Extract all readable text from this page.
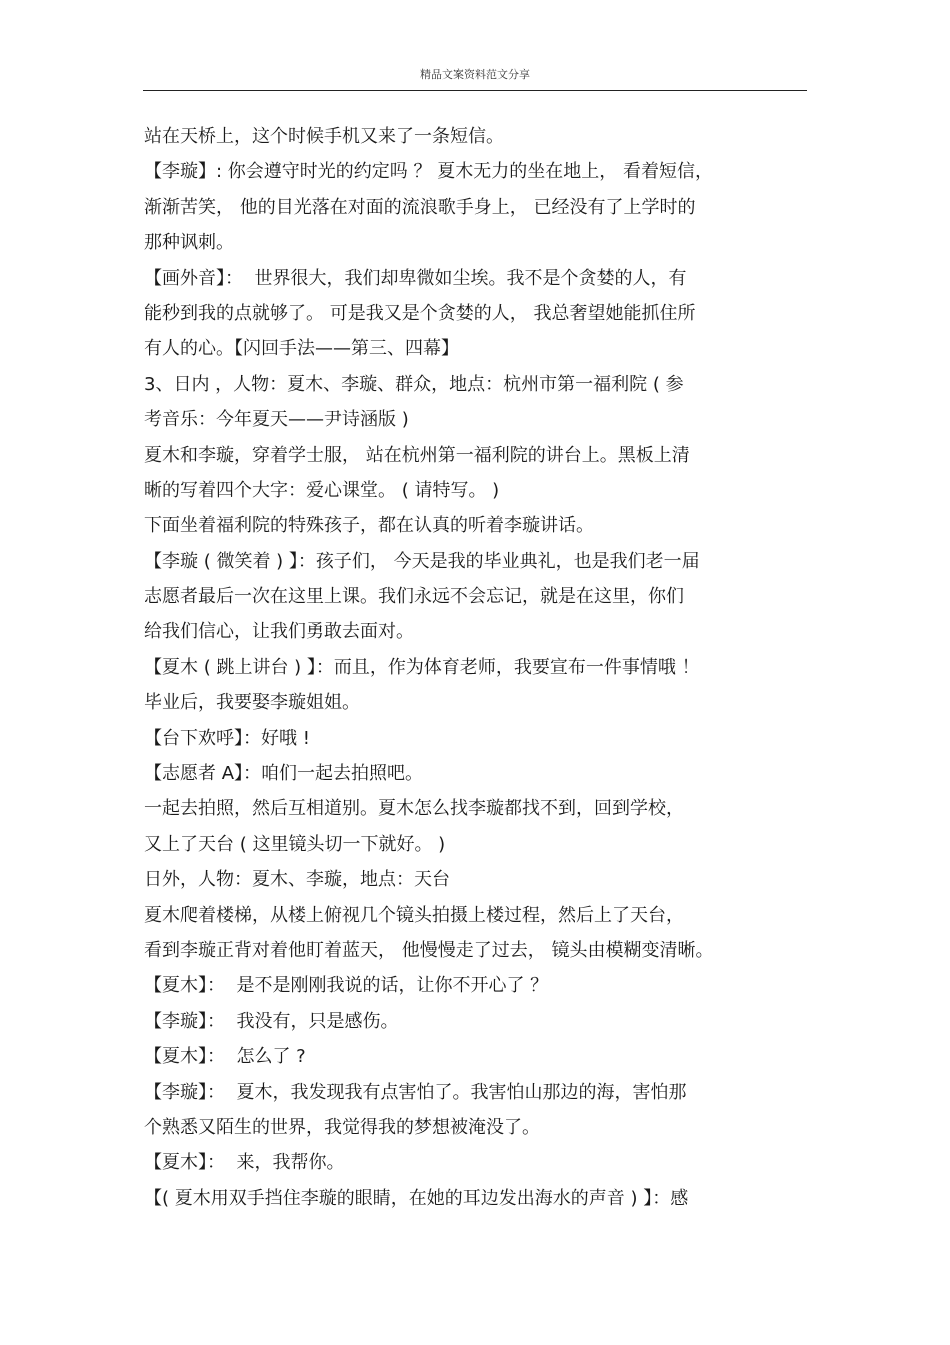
精品文案资料范文分享
站在天桥上，这个时候手机又来了一条短信。
【李璇】: 你会遵守时光的约定吗 ？ 夏木无力的坐在地上， 看着短信，
渐渐苦笑， 他的目光落在对面的流浪歌手身上， 已经没有了上学时的
那种讽刺。
【画外音】：  世界很大，我们却卑微如尘埃。我不是个贪婪的人，有
能秒到我的点就够了。 可是我又是个贪婪的人， 我总奢望她能抓住所
有人的心。【闪回手法——第三、四幕】
3、日内 ，人物：夏木、李璇、群众，地点：杭州市第一福利院 ( 参
考音乐：今年夏天——尹诗涵版 )
夏木和李璇，穿着学士服， 站在杭州第一福利院的讲台上。黑板上清
晰的写着四个大字：爱心课堂。 ( 请特写。 )
下面坐着福利院的特殊孩子，都在认真的听着李璇讲话。
【李璇 ( 微笑着 ) 】：孩子们， 今天是我的毕业典礼，也是我们老一届
志愿者最后一次在这里上课。我们永远不会忘记，就是在这里，你们
给我们信心，让我们勇敢去面对。
【夏木 ( 跳上讲台 ) 】：而且，作为体育老师，我要宣布一件事情哦 ！
毕业后，我要娶李璇姐姐。
【台下欢呼】：好哦 !
【志愿者 A】：咱们一起去拍照吧。
一起去拍照，然后互相道别。夏木怎么找李璇都找不到，回到学校，
又上了天台 ( 这里镜头切一下就好。 )
日外，人物：夏木、李璇，地点：天台
夏木爬着楼梯，从楼上俯视几个镜头拍摄上楼过程，然后上了天台，
看到李璇正背对着他盯着蓝天， 他慢慢走了过去， 镜头由模糊变清晰。
【夏木】：  是不是刚刚我说的话，让你不开心了 ？
【李璇】：  我没有，只是感伤。
【夏木】：  怎么了 ?
【李璇】：  夏木，我发现我有点害怕了。我害怕山那边的海，害怕那
个熟悉又陌生的世界，我觉得我的梦想被淹没了。
【夏木】：  来，我帮你。
【( 夏木用双手挡住李璇的眼睛，在她的耳边发出海水的声音 ) 】：感
